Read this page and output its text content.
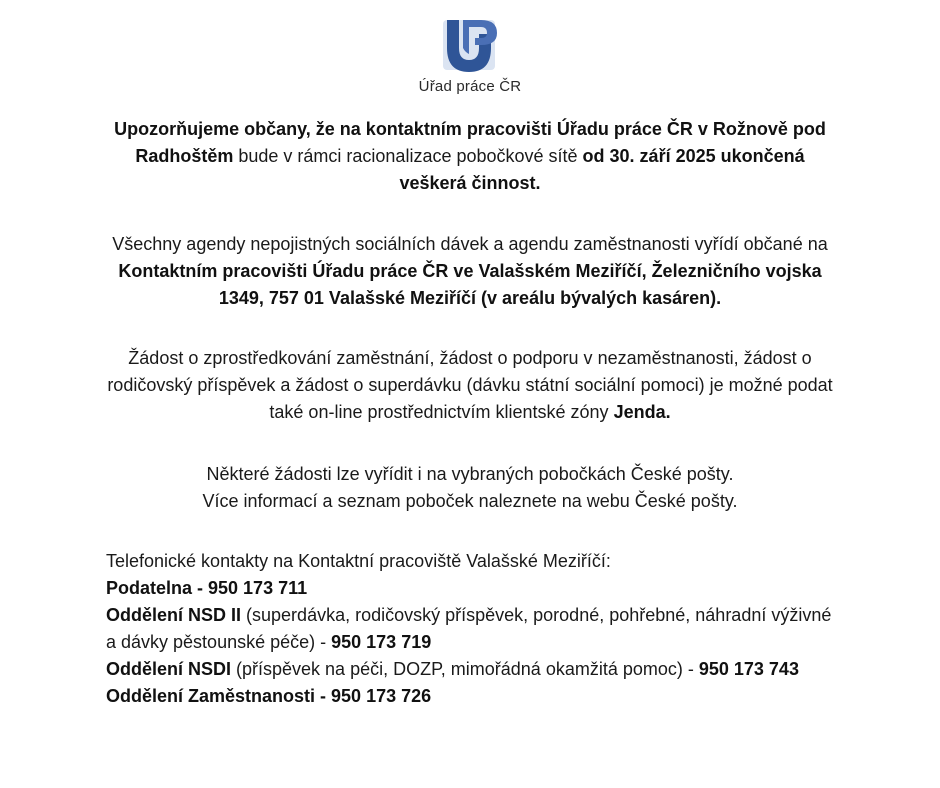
Úřad práce ČR
Upozorňujeme občany, že na kontaktním pracovišti Úřadu práce ČR v Rožnově pod Radhoštěm bude v rámci racionalizace pobočkové sítě od 30. září 2025 ukončená veškerá činnost.
Všechny agendy nepojistných sociálních dávek a agendu zaměstnanosti vyřídí občané na Kontaktním pracovišti Úřadu práce ČR ve Valašském Meziříčí, Železničního vojska 1349, 757 01 Valašské Meziříčí (v areálu bývalých kasáren).
Žádost o zprostředkování zaměstnání, žádost o podporu v nezaměstnanosti, žádost o rodičovský příspěvek a žádost o superdávku (dávku státní sociální pomoci) je možné podat také on-line prostřednictvím klientské zóny Jenda.
Některé žádosti lze vyřídit i na vybraných pobočkách České pošty.
Více informací a seznam poboček naleznete na webu České pošty.
Telefonické kontakty na Kontaktní pracoviště Valašské Meziříčí:
Podatelna - 950 173 711
Oddělení NSD II (superdávka, rodičovský příspěvek, porodné, pohřebné, náhradní výživné a dávky pěstounské péče) - 950 173 719
Oddělení NSDI (příspěvek na péči, DOZP, mimořádná okamžitá pomoc) - 950 173 743 Oddělení Zaměstnanosti - 950 173 726
